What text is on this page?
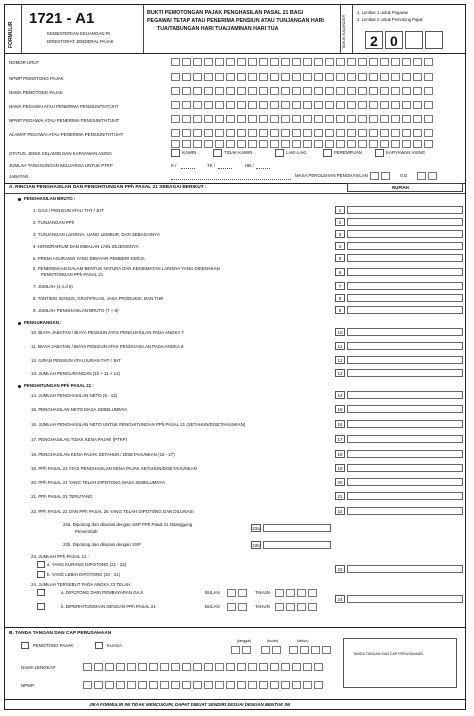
FORMULIR
1721 - A1
KEMENTERIAN KEUANGAN RI
DIREKTORAT JENDERAL PAJAK
BUKTI PEMOTONGAN PAJAK PENGHASILAN PASAL 21 BAGI
PEGAWAI TETAP ATAU PENERIMA PENSIUN ATAU TUNJANGAN HARI
TUA/TABUNGAN HARI TUA/JAMINAN HARI TUA	TAHUN KALENDER
1. Lembar 1 untuk Pegawai
2. Lembar 2 untuk Pemotong Pajak
2 0
NOMOR URUT
NPWP PEMOTONG PAJAK
NAMA PEMOTONG PAJAK
NAMA PEGAWAI ATAU PENERIMA PENSIUN/THT/JHT
NPWP PEGAWAI ATAU PENERIMA PENSIUN/THT/JHT
ALAMAT PEGAWAI ATAU PENERIMA PENSIUN/THT/JHT
STATUS, JENIS KELAMIN DAN KARYAWAN ASING	KAWIN	TIDAK KAWIN	LAKI-LAKI	PEREMPUAN	KARYAWAN ASING
JUMLAH TANGGUNGAN KELUARGA UNTUK PTKP	K /	TK /	HB /
JABATAN	MASA PEROLEHAN PENGHASILAN	S.D
A. RINCIAN PENGHASILAN DAN PENGHITUNGAN PPh PASAL 21 SEBAGAI BERIKUT :	RUPIAH
PENGHASILAN BRUTO :
1. GAJI / PENSIUN ATAU THT / JHT	1
2. TUNJANGAN PPh	2
3. TUNJANGAN LAINNYA, UANG LEMBUR, DAN SEBAGAINYA	3
4. HONORARIUM DAN IMBALAN LAIN SEJENISNYA	4
5. PREMI ASURANSI YANG DIBAYAR PEMBERI KERJA	5
6. PENERIMAAN DALAM BENTUK NATURA DAN KENIKMATAN LAINNYA YANG DIKENAKAN
PEMOTONGAN PPh PASAL 21	6
7. JUMLAH (1 s.d 6)	7
8. TANTIEM, BONUS, GRATIFIKASI, JASA PRODUKSI, DAN THR	8
9. JUMLAH PENGHASILAN BRUTO (7 + 8)	9
PENGURANGAN :
10. BIAYA JABATAN / BIAYA PENSIUN ATAS PENGHASILAN PADA ANGKA 7	10
11. BIAYA JABATAN / BIAYA PENSIUN ATAS PENGHASILAN PADA ANGKA 8	11
12. IURAN PENSIUN ATAU IURAN THT / JHT	12
13. JUMLAH PENGURANGAN (10 + 11 + 12)	13
PENGHITUNGAN PPh PASAL 21 :
14. JUMLAH PENGHASILAN NETO (9 - 13)	14
15. PENGHASILAN NETO MASA SEBELUMNYA	15
16. JUMLAH PENGHASILAN NETO UNTUK PENGHITUNGAN PPh PASAL 21 (SETAHUN/DISETAHUNKAN)	16
17. PENGHASILAN TIDAK KENA PAJAK (PTKP)	17
18. PENGHASILAN KENA PAJAK SETAHUN / DISETAHUNKAN (16 - 17)	18
19. PPh PASAL 21 ATAS PENGHASILAN KENA PAJAK SETAHUN/DISETAHUNKAN	19
20. PPh PASAL 21 YANG TELAH DIPOTONG MASA SEBELUMNYA	20
21. PPh PASAL 21 TERUTANG	21
22. PPh PASAL 21 DAN PPh PASAL 26 YANG TELAH DIPOTONG DAN DILUNASI	22
22a. Dipotong dan dilunasi dengan SSP PPh Pasal 21 Ditanggung
Pemerintah
22a
22b. Dipotong dan dilunasi dengan SSP	22b
23. JUMLAH PPh PASAL 21 :
a. YANG KURANG DIPOTONG (21 - 22)
b. YANG LEBIH DIPOTONG (22 - 21)
23
24. JUMLAH TERSEBUT PADA ANGKA 23 TELAH
a. DIPOTONG DARI PEMBAYARAN GAJI	BULAN	TAHUN
b. DIPERHITUNGKAN DENGAN PPh PASAL 21	BULAN	TAHUN
24
B. TANDA TANGAN DAN CAP PERUSAHAAN
PEMOTONG PAJAK	KUASA
(tanggal)	(bulan)	(tahun)
TANDA TANGAN DAN CAP PERUSAHAAN
NAMA LENGKAP
NPWP
JIKA FORMULIR INI TIDAK MENCUKUPI, DAPAT DIBUAT SENDIRI SESUAI DENGAN BENTUK INI
